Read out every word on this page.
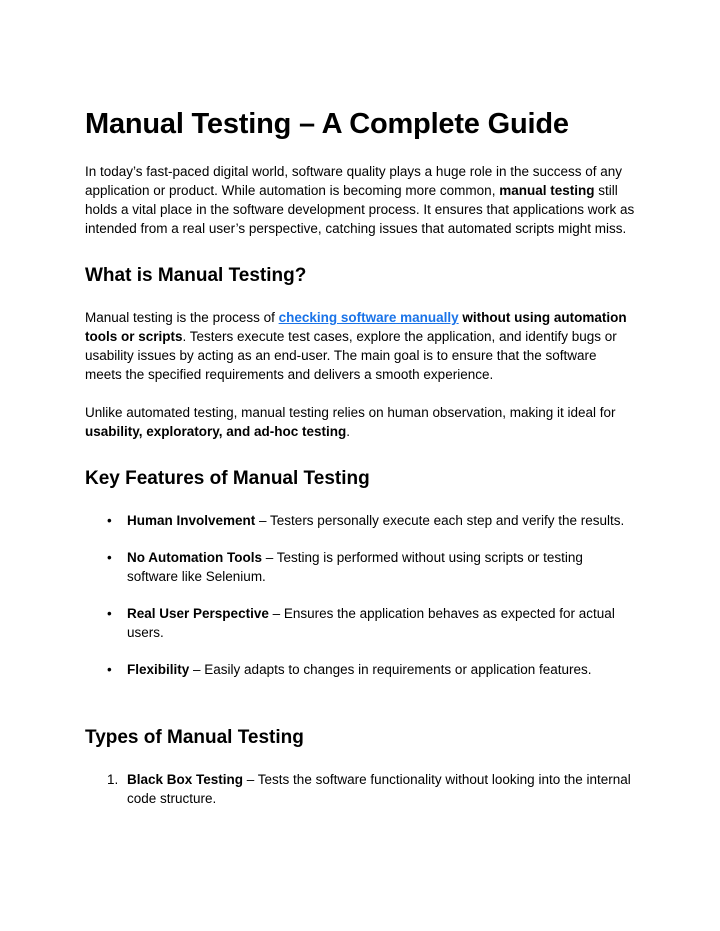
Manual Testing – A Complete Guide

In today’s fast-paced digital world, software quality plays a huge role in the success of any application or product. While automation is becoming more common, manual testing still holds a vital place in the software development process. It ensures that applications work as intended from a real user’s perspective, catching issues that automated scripts might miss.

What is Manual Testing?

Manual testing is the process of checking software manually without using automation tools or scripts. Testers execute test cases, explore the application, and identify bugs or usability issues by acting as an end-user. The main goal is to ensure that the software meets the specified requirements and delivers a smooth experience.

Unlike automated testing, manual testing relies on human observation, making it ideal for usability, exploratory, and ad-hoc testing.

Key Features of Manual Testing
•	Human Involvement – Testers personally execute each step and verify the results.
•	No Automation Tools – Testing is performed without using scripts or testing software like Selenium.
•	Real User Perspective – Ensures the application behaves as expected for actual users.
•	Flexibility – Easily adapts to changes in requirements or application features.
Types of Manual Testing
1. Black Box Testing – Tests the software functionality without looking into the internal code structure.
